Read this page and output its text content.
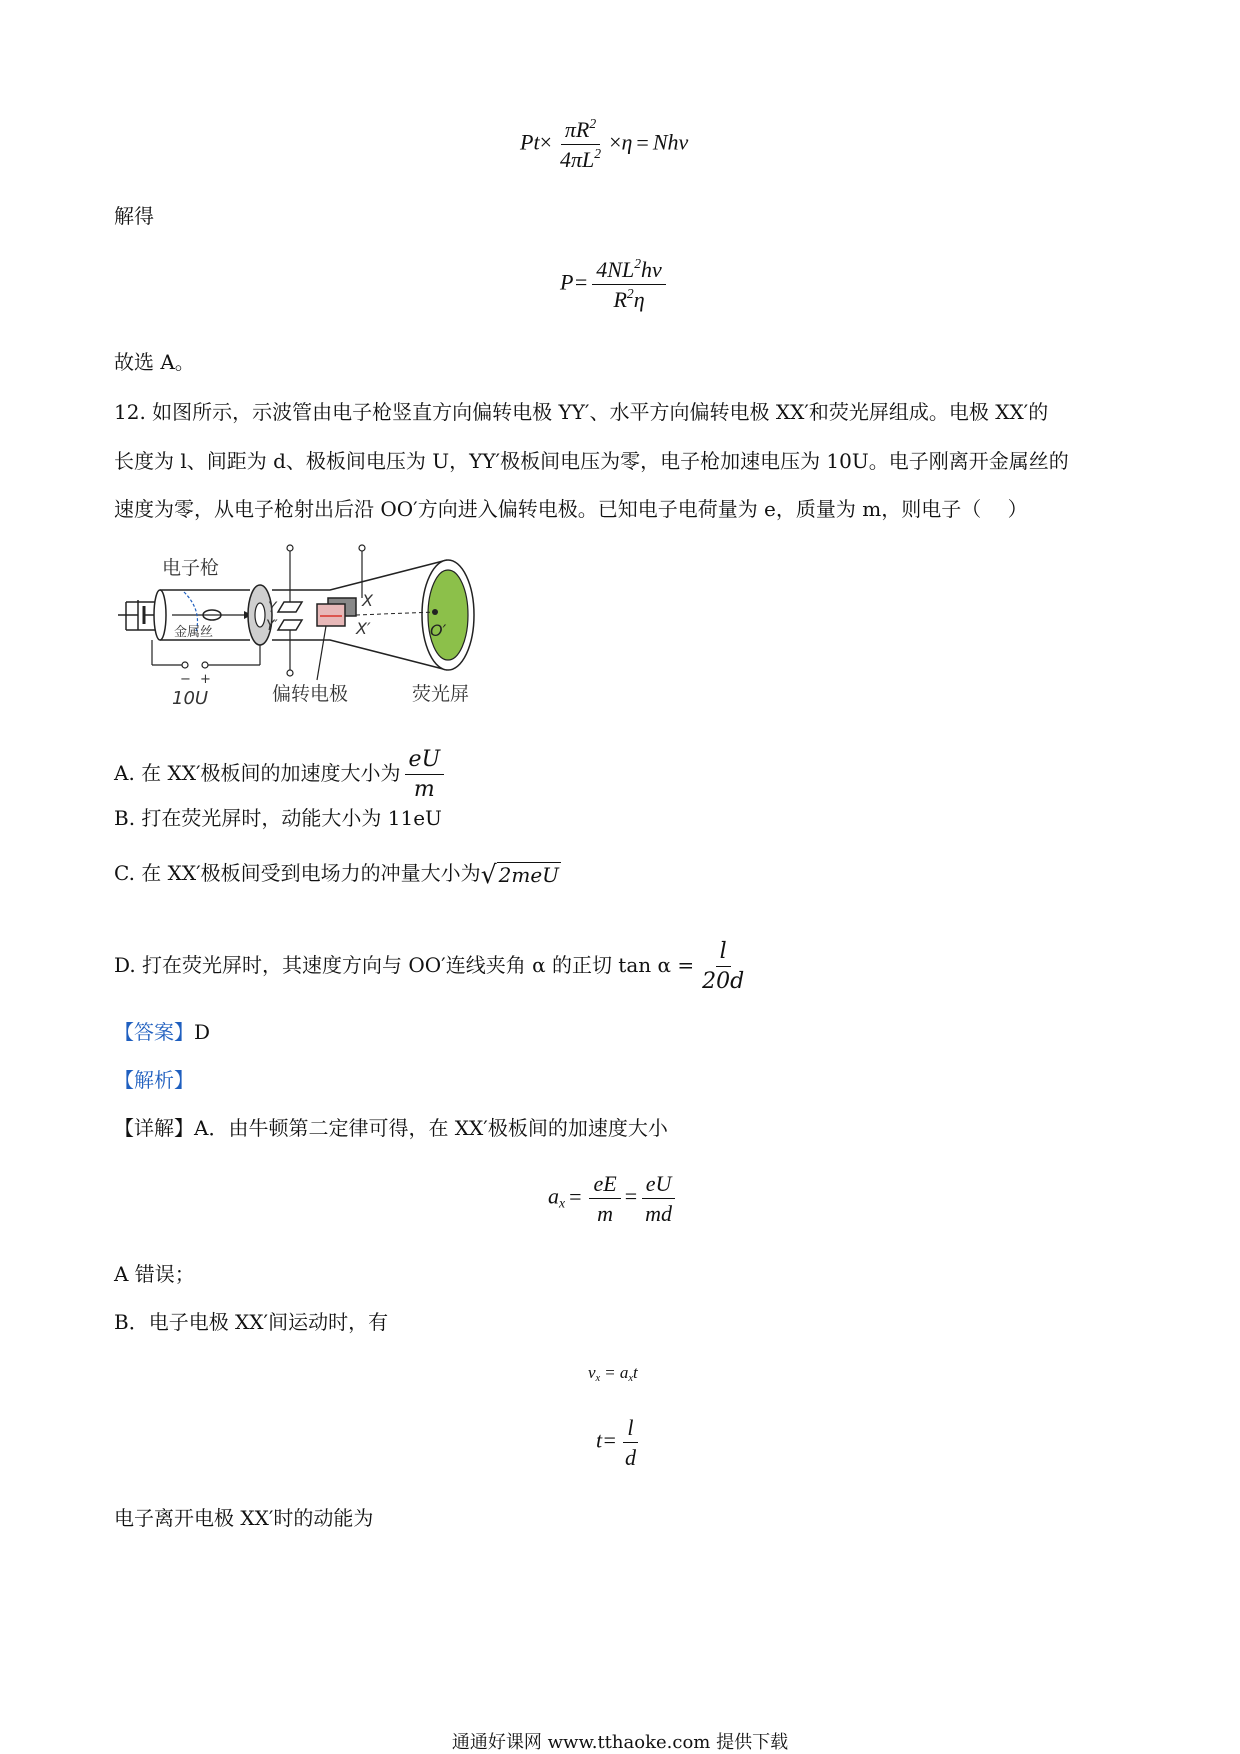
$Pt\times \frac{\pi R^2}{4\pi L^2} \times\eta = Nh\nu$
解得
$P= \frac{4NL^2h\nu}{R^2\eta}$
故选 A。
12. 如图所示，示波管由电子枪竖直方向偏转电极 YY′、水平方向偏转电极 XX′和荧光屏组成。电极 XX′的
长度为 l、间距为 d、极板间电压为 U，YY′极板间电压为零，电子枪加速电压为 10U。电子刚离开金属丝的
速度为零，从电子枪射出后沿 OO′方向进入偏转电极。已知电子电荷量为 e，质量为 m，则电子（　 ）
电子枪
金属丝
− +
10U	偏转电极	荧光屏
Y
Y′
X
X′	O′
A. 在 XX′极板间的加速度大小为 $\frac{eU}{m}$
B. 打在荧光屏时，动能大小为 11eU
C. 在 XX′极板间受到电场力的冲量大小为 √ 2meU
D. 打在荧光屏时，其速度方向与 OO′连线夹角 α 的正切 $\tan \alpha = \frac{l}{20d}$
【答案】D
【解析】
【详解】A．由牛顿第二定律可得，在 XX′极板间的加速度大小
$a_x = \frac{eE}{m} = \frac{eU}{md}$
A 错误；
B．电子电极 XX′间运动时，有
$v_x = a_xt$
$t= \frac{l}{d}$
电子离开电极 XX′时的动能为
通通好课网 www.tthaoke.com 提供下载
